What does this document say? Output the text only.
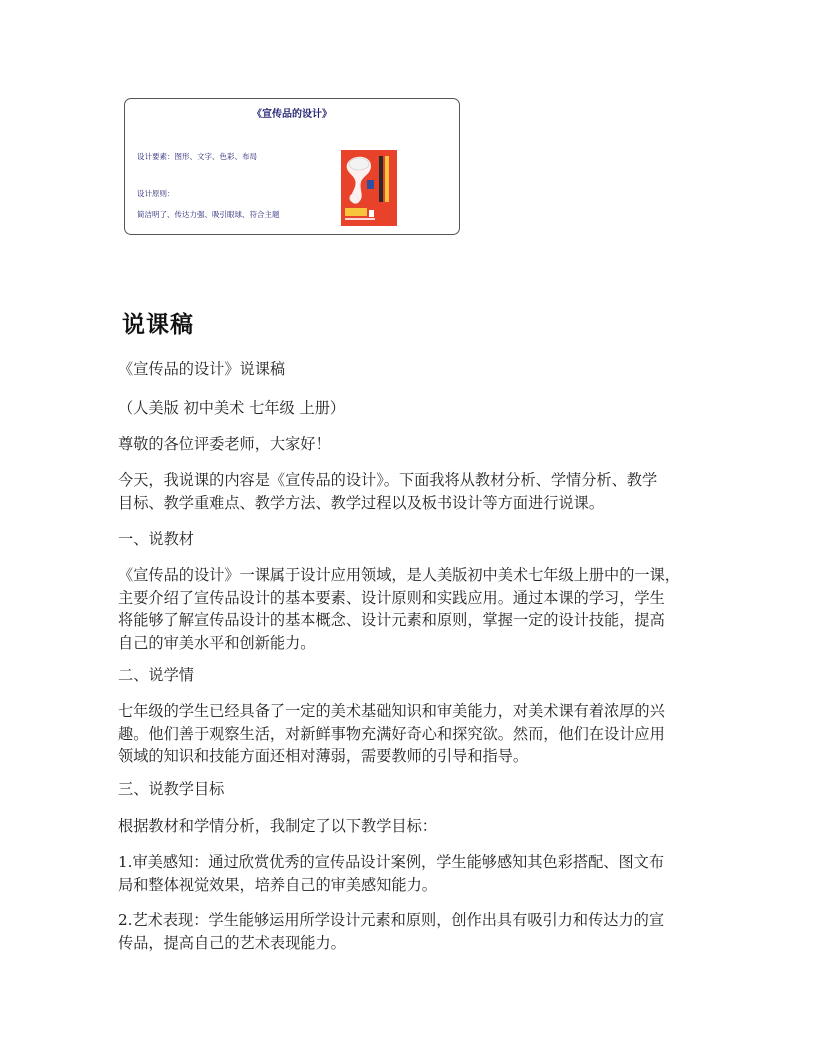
《宣传品的设计》
设计要素：图形、文字、色彩、布局
设计原则：
简洁明了、传达力强、吸引眼球、符合主题
说课稿
《宣传品的设计》说课稿
（人美版 初中美术 七年级 上册）
尊敬的各位评委老师，大家好！
今天，我说课的内容是《宣传品的设计》。下面我将从教材分析、学情分析、教学
目标、教学重难点、教学方法、教学过程以及板书设计等方面进行说课。
一、说教材
《宣传品的设计》一课属于设计应用领域，是人美版初中美术七年级上册中的一课，
主要介绍了宣传品设计的基本要素、设计原则和实践应用。通过本课的学习，学生
将能够了解宣传品设计的基本概念、设计元素和原则，掌握一定的设计技能，提高
自己的审美水平和创新能力。
二、说学情
七年级的学生已经具备了一定的美术基础知识和审美能力，对美术课有着浓厚的兴
趣。他们善于观察生活，对新鲜事物充满好奇心和探究欲。然而，他们在设计应用
领域的知识和技能方面还相对薄弱，需要教师的引导和指导。
三、说教学目标
根据教材和学情分析，我制定了以下教学目标：
1.审美感知：通过欣赏优秀的宣传品设计案例，学生能够感知其色彩搭配、图文布
局和整体视觉效果，培养自己的审美感知能力。
2.艺术表现：学生能够运用所学设计元素和原则，创作出具有吸引力和传达力的宣
传品，提高自己的艺术表现能力。
